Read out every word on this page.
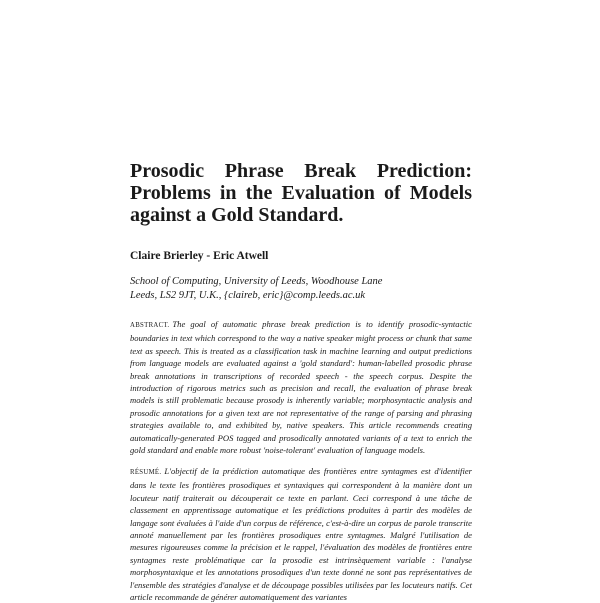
Prosodic Phrase Break Prediction:
Problems in the Evaluation of Models
against a Gold Standard.

Claire Brierley - Eric Atwell

School of Computing, University of Leeds, Woodhouse Lane
Leeds, LS2 9JT, U.K., {claireb, eric}@comp.leeds.ac.uk

ABSTRACT. The goal of automatic phrase break prediction is to identify prosodic-syntactic boundaries in text which correspond to the way a native speaker might process or chunk that same text as speech. This is treated as a classification task in machine learning and output predictions from language models are evaluated against a 'gold standard': human-labelled prosodic phrase break annotations in transcriptions of recorded speech - the speech corpus. Despite the introduction of rigorous metrics such as precision and recall, the evaluation of phrase break models is still problematic because prosody is inherently variable; morphosyntactic analysis and prosodic annotations for a given text are not representative of the range of parsing and phrasing strategies available to, and exhibited by, native speakers. This article recommends creating automatically-generated POS tagged and prosodically annotated variants of a text to enrich the gold standard and enable more robust 'noise-tolerant' evaluation of language models.

RÉSUMÉ. L'objectif de la prédiction automatique des frontières entre syntagmes est d'identifier dans le texte les frontières prosodiques et syntaxiques qui correspondent à la manière dont un locuteur natif traiterait ou découperait ce texte en parlant. Ceci correspond à une tâche de classement en apprentissage automatique et les prédictions produites à partir des modèles de langage sont évaluées à l'aide d'un corpus de référence, c'est-à-dire un corpus de parole transcrite annoté manuellement par les frontières prosodiques entre syntagmes. Malgré l'utilisation de mesures rigoureuses comme la précision et le rappel, l'évaluation des modèles de frontières entre syntagmes reste problématique car la prosodie est intrinsèquement variable : l'analyse morphosyntaxique et les annotations prosodiques d'un texte donné ne sont pas représentatives de l'ensemble des stratégies d'analyse et de découpage possibles utilisées par les locuteurs natifs. Cet article recommande de générer automatiquement des variantes
